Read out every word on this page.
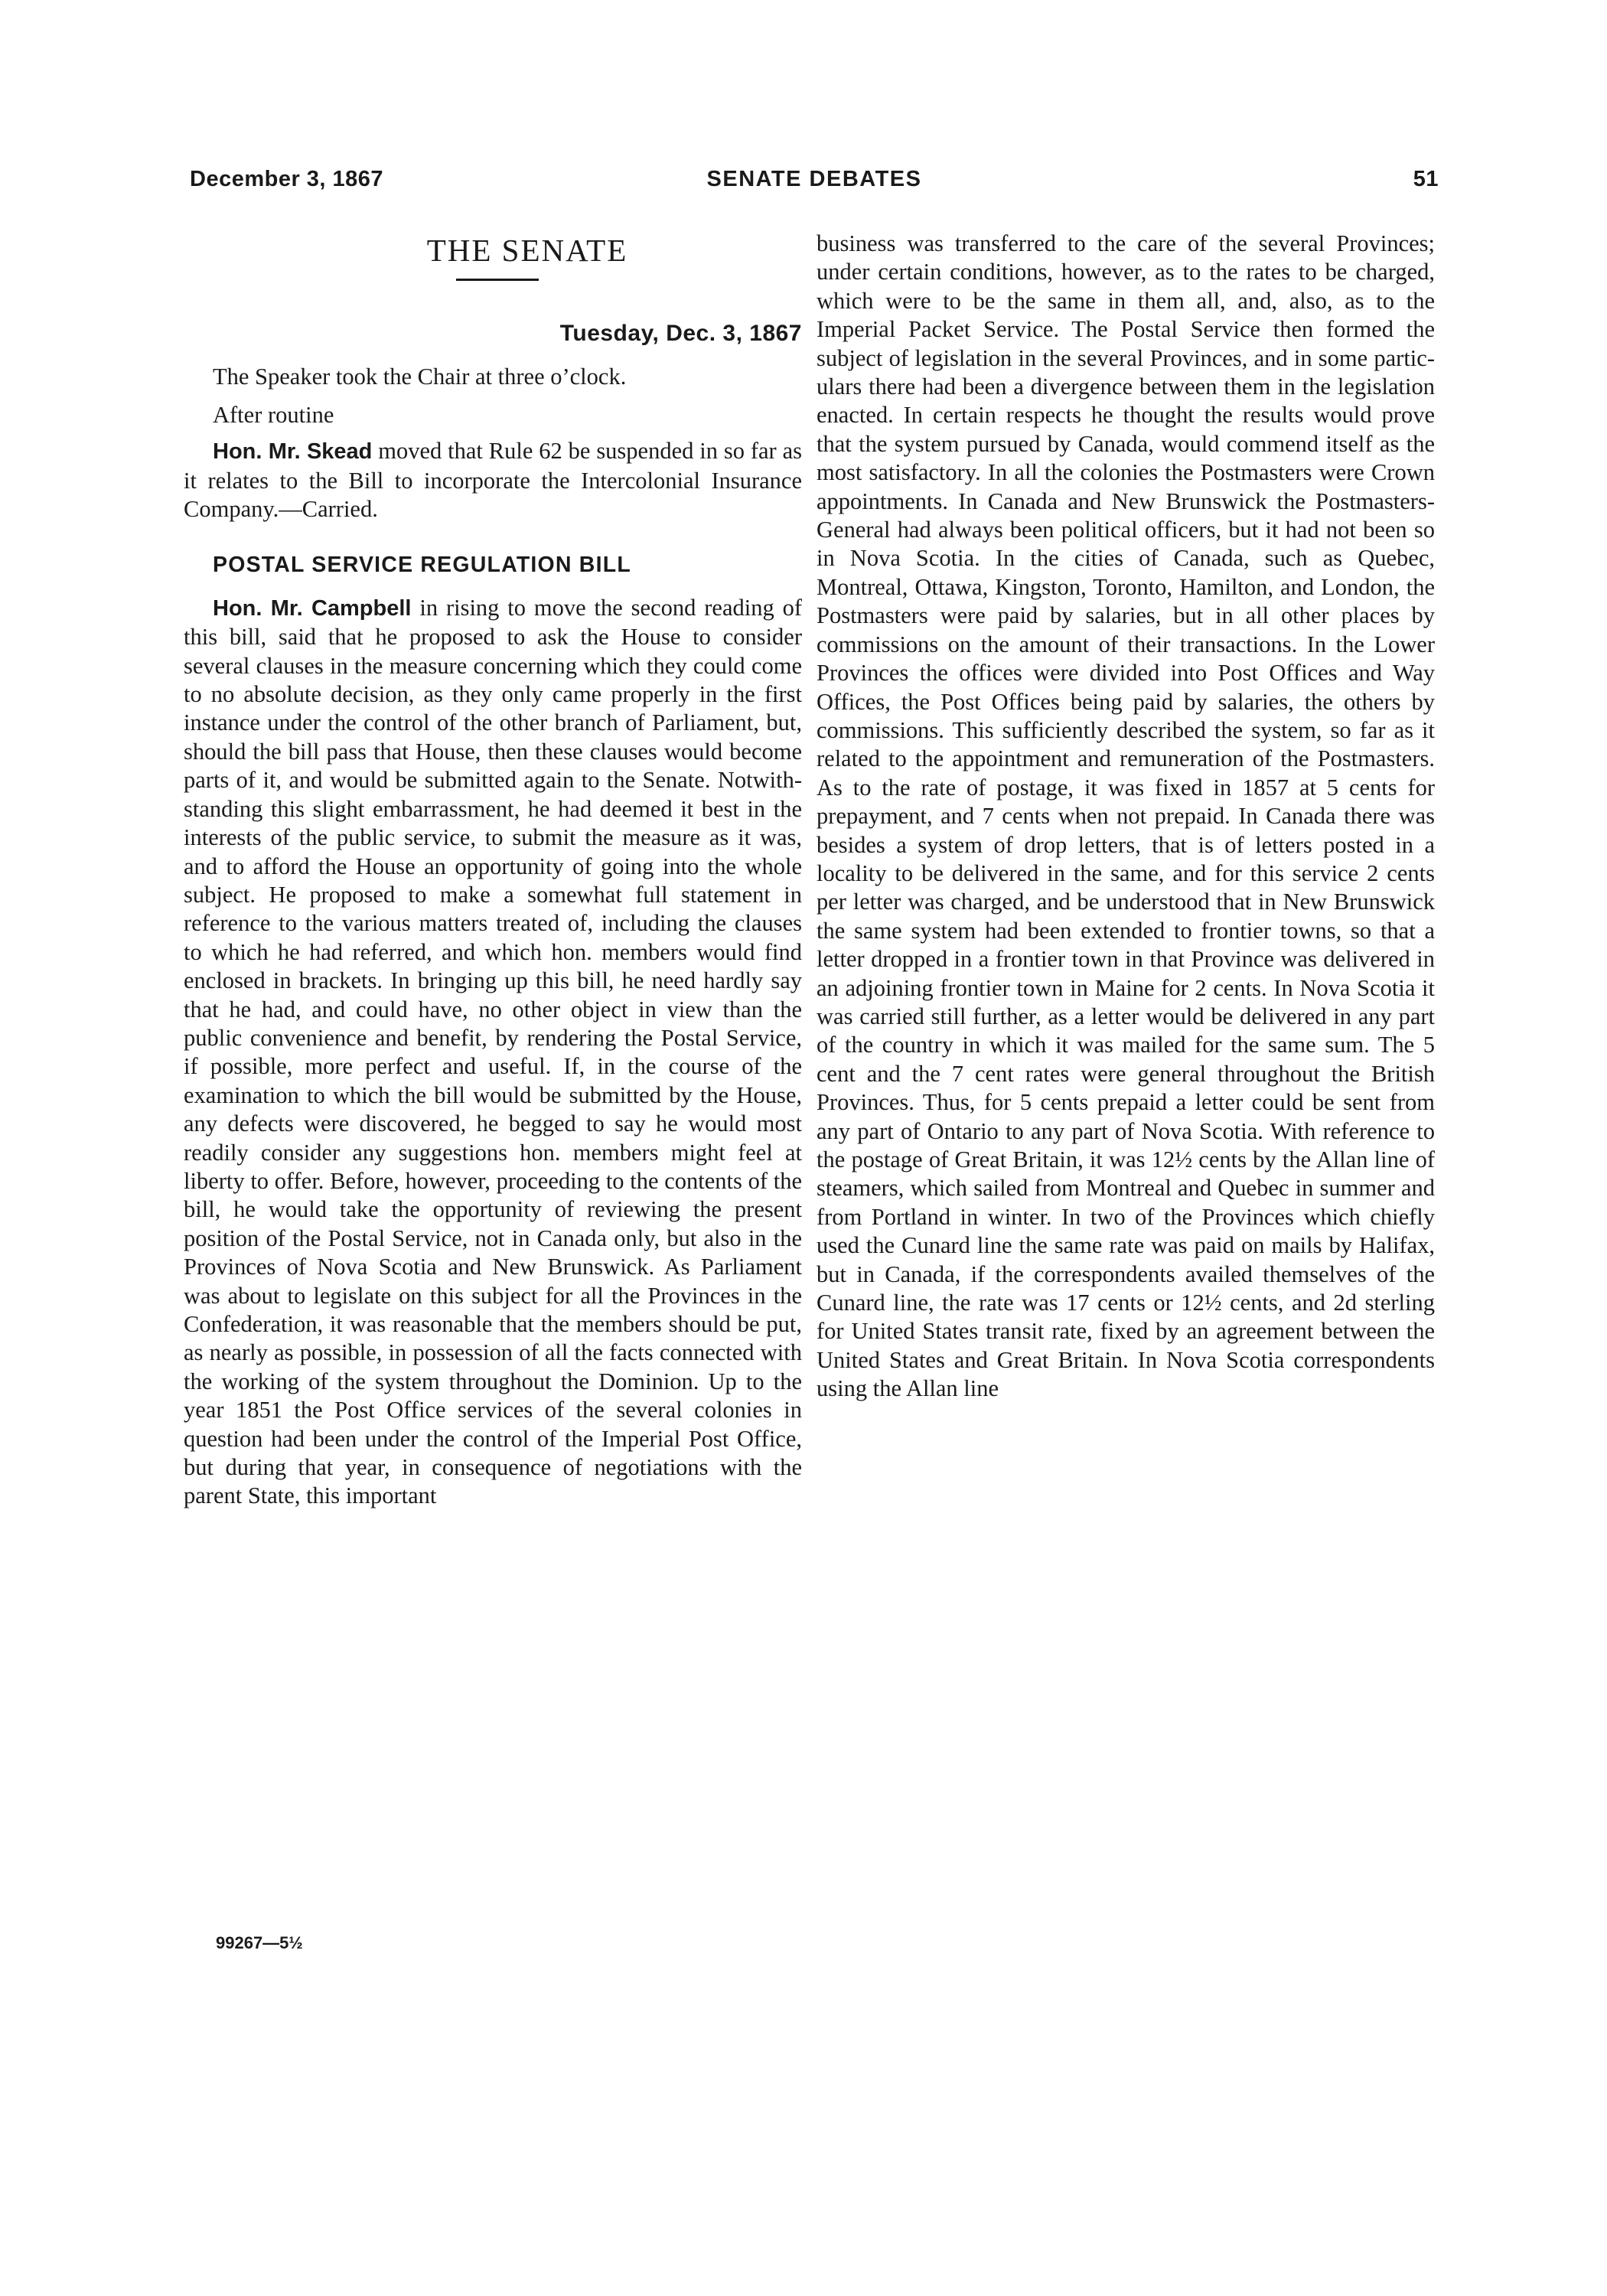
December 3, 1867	SENATE DEBATES	51
THE SENATE
Tuesday, Dec. 3, 1867

The Speaker took the Chair at three o’clock.

After routine

Hon. Mr. Skead moved that Rule 62 be suspended in so far as it relates to the Bill to incorporate the Intercolonial Insurance Company.—Carried.

POSTAL SERVICE REGULATION BILL

Hon. Mr. Campbell in rising to move the second reading of this bill, said that he proposed to ask the House to consider several clauses in the measure concerning which they could come to no absolute decision, as they only came properly in the first instance under the control of the other branch of Parliament, but, should the bill pass that House, then these clauses would become parts of it, and would be submitted again to the Senate. Notwithstanding this slight embarrassment, he had deemed it best in the interests of the public service, to submit the measure as it was, and to afford the House an opportunity of going into the whole subject. He proposed to make a somewhat full statement in reference to the various matters treated of, including the clauses to which he had referred, and which hon. members would find enclosed in brackets. In bringing up this bill, he need hardly say that he had, and could have, no other object in view than the public convenience and benefit, by rendering the Postal Service, if possible, more perfect and useful. If, in the course of the examination to which the bill would be submitted by the House, any defects were discovered, he begged to say he would most readily consider any suggestions hon. members might feel at liberty to offer. Before, however, proceeding to the contents of the bill, he would take the opportunity of reviewing the present position of the Postal Service, not in Canada only, but also in the Provinces of Nova Scotia and New Brunswick. As Parliament was about to legislate on this subject for all the Provinces in the Confederation, it was reasonable that the members should be put, as nearly as possible, in possession of all the facts connected with the working of the system throughout the Dominion. Up to the year 1851 the Post Office services of the several colonies in question had been under the control of the Imperial Post Office, but during that year, in consequence of negotiations with the parent State, this important

business was transferred to the care of the several Provinces; under certain conditions, however, as to the rates to be charged, which were to be the same in them all, and, also, as to the Imperial Packet Service. The Postal Service then formed the subject of legislation in the several Provinces, and in some particulars there had been a divergence between them in the legislation enacted. In certain respects he thought the results would prove that the system pursued by Canada, would commend itself as the most satisfactory. In all the colonies the Postmasters were Crown appointments. In Canada and New Brunswick the Postmasters-General had always been political officers, but it had not been so in Nova Scotia. In the cities of Canada, such as Quebec, Montreal, Ottawa, Kingston, Toronto, Hamilton, and London, the Postmasters were paid by salaries, but in all other places by commissions on the amount of their transactions. In the Lower Provinces the offices were divided into Post Offices and Way Offices, the Post Offices being paid by salaries, the others by commissions. This sufficiently described the system, so far as it related to the appointment and remuneration of the Postmasters. As to the rate of postage, it was fixed in 1857 at 5 cents for prepayment, and 7 cents when not prepaid. In Canada there was besides a system of drop letters, that is of letters posted in a locality to be delivered in the same, and for this service 2 cents per letter was charged, and be understood that in New Brunswick the same system had been extended to frontier towns, so that a letter dropped in a frontier town in that Province was delivered in an adjoining frontier town in Maine for 2 cents. In Nova Scotia it was carried still further, as a letter would be delivered in any part of the country in which it was mailed for the same sum. The 5 cent and the 7 cent rates were general throughout the British Provinces. Thus, for 5 cents prepaid a letter could be sent from any part of Ontario to any part of Nova Scotia. With reference to the postage of Great Britain, it was 12½ cents by the Allan line of steamers, which sailed from Montreal and Quebec in summer and from Portland in winter. In two of the Provinces which chiefly used the Cunard line the same rate was paid on mails by Halifax, but in Canada, if the correspondents availed themselves of the Cunard line, the rate was 17 cents or 12½ cents, and 2d sterling for United States transit rate, fixed by an agreement between the United States and Great Britain. In Nova Scotia correspondents using the Allan line

99267—5½
